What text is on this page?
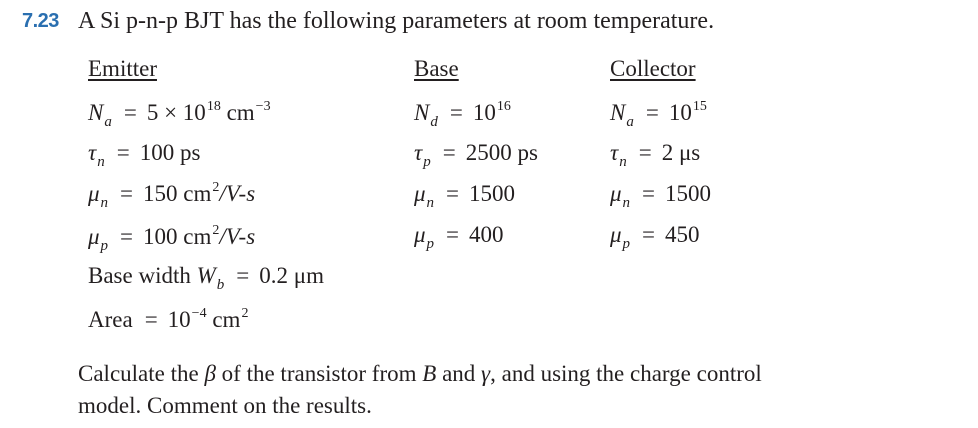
7.23 A Si p-n-p BJT has the following parameters at room temperature.
Emitter	Base	Collector
$N_a = 5 \times 10^{18}$ $cm^{-3}$
$\tau_n = 100$ ps
$\mu_n = 150$ $cm^2/V-s$
$\mu_p = 100$ $cm^2/V-s$
$N_d = 10^{16}$
$\tau_p = 2500$ ps
$\mu_n = 1500$
$\mu_p = 400$
$N_a = 10^{15}$
$\tau_n = 2$ μs
$\mu_n = 1500$
$\mu_p = 450$
Base width $W_b = 0.2$ μm
Area = $10^{-4}$ $cm^2$

Calculate the β of the transistor from B and γ, and using the charge control

model. Comment on the results.
